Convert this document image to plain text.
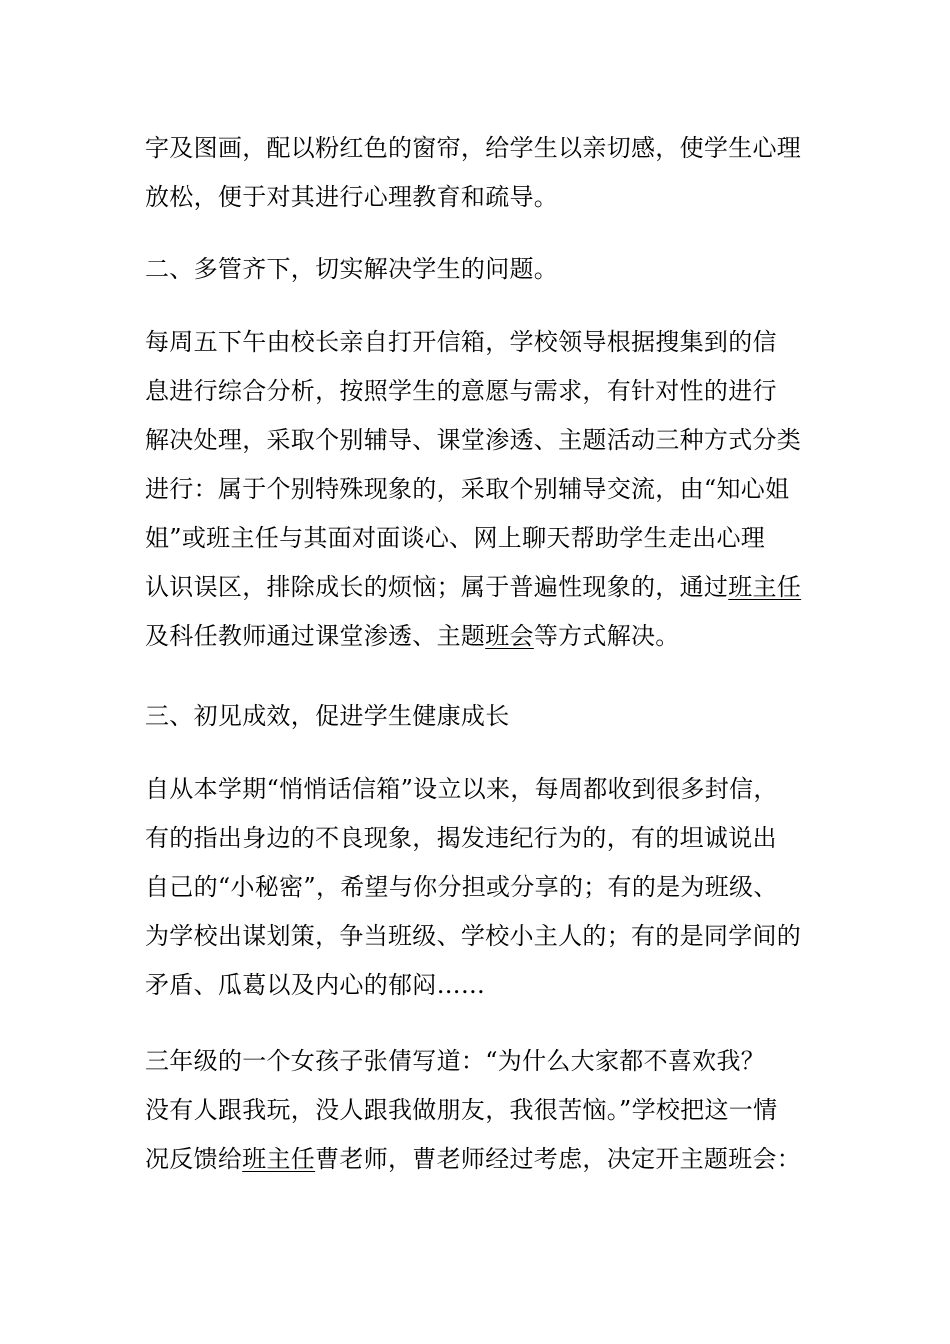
字及图画，配以粉红色的窗帘，给学生以亲切感，使学生心理
放松，便于对其进行心理教育和疏导。

二、多管齐下，切实解决学生的问题。

每周五下午由校长亲自打开信箱，学校领导根据搜集到的信
息进行综合分析，按照学生的意愿与需求，有针对性的进行
解决处理，采取个别辅导、课堂渗透、主题活动三种方式分类
进行：属于个别特殊现象的，采取个别辅导交流，由“知心姐
姐”或班主任与其面对面谈心、网上聊天帮助学生走出心理
认识误区，排除成长的烦恼；属于普遍性现象的，通过班主任
及科任教师通过课堂渗透、主题班会等方式解决。

三、初见成效，促进学生健康成长

自从本学期“悄悄话信箱”设立以来，每周都收到很多封信，
有的指出身边的不良现象，揭发违纪行为的，有的坦诚说出
自己的“小秘密”，希望与你分担或分享的；有的是为班级、
为学校出谋划策，争当班级、学校小主人的；有的是同学间的
矛盾、瓜葛以及内心的郁闷……

三年级的一个女孩子张倩写道：“为什么大家都不喜欢我？
没有人跟我玩，没人跟我做朋友，我很苦恼。”学校把这一情
况反馈给班主任曹老师，曹老师经过考虑，决定开主题班会：
